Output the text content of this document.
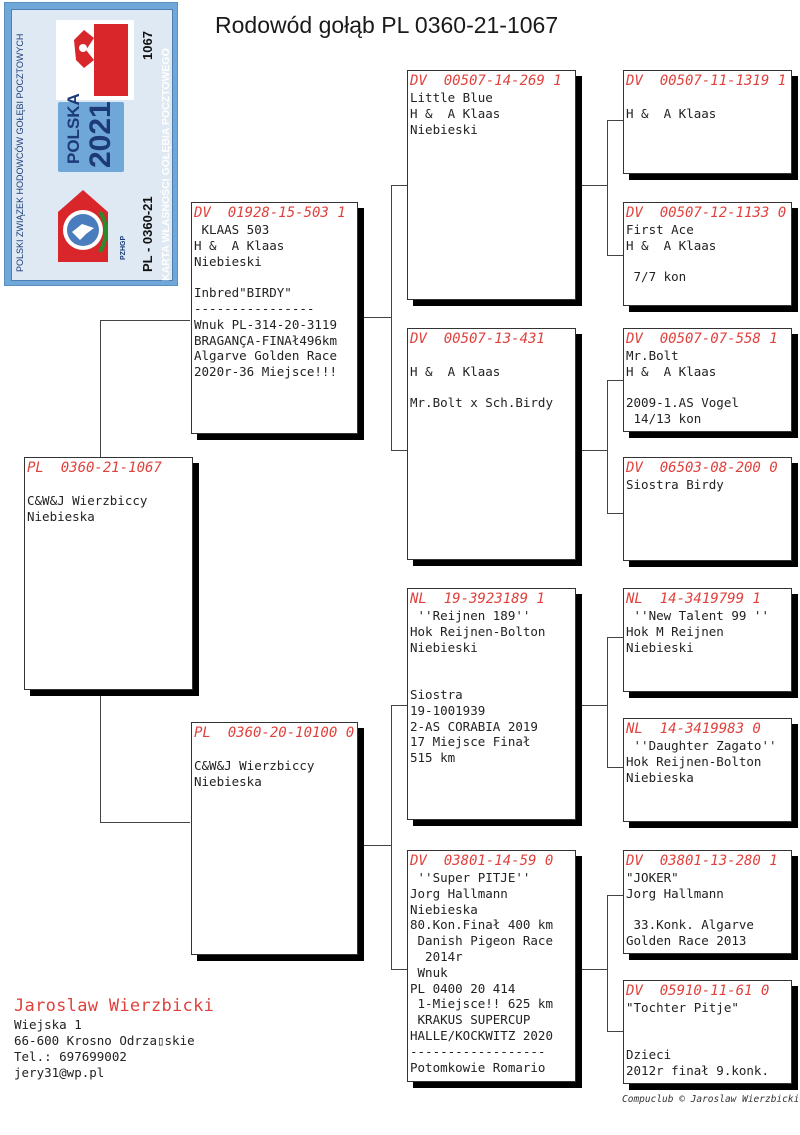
Rodowód gołąb PL 0360-21-1067
POLSKI ZWIĄZEK HODOWCÓW GOŁĘBI POCZTOWYCH POLSKA 2021
1067
PL - 0360-21
PZHGP	KARTA WŁASNOŚCI GOŁĘBIA POCZTOWEGO
PL  0360-21-1067
C&W&J Wierzbiccy
Niebieska
DV  01928-15-503 1
KLAAS 503
H &  A Klaas
Niebieski
Inbred"BIRDY"
----------------
Wnuk PL-314-20-3119
BRAGANÇA-FINAł496km
Algarve Golden Race
2020r-36 Miejsce!!!
PL  0360-20-10100 0
C&W&J Wierzbiccy
Niebieska
DV  00507-14-269 1
Little Blue
H &  A Klaas
Niebieski
DV  00507-13-431
H &  A Klaas
Mr.Bolt x Sch.Birdy
NL  19-3923189 1
''Reijnen 189''
Hok Reijnen-Bolton
Niebieski
Siostra
19-1001939
2-AS CORABIA 2019
17 Miejsce Finał
515 km
DV  03801-14-59 0
''Super PITJE''
Jorg Hallmann
Niebieska
80.Kon.Finał 400 km
Danish Pigeon Race
2014r
Wnuk
PL 0400 20 414
1-Miejsce!! 625 km
KRAKUS SUPERCUP
HALLE/KOCKWITZ 2020
------------------
Potomkowie Romario
DV  00507-11-1319 1
H &  A Klaas
DV  00507-12-1133 0
First Ace
H &  A Klaas
7/7 kon
DV  00507-07-558 1
Mr.Bolt
H &  A Klaas
2009-1.AS Vogel
14/13 kon
DV  06503-08-200 0
Siostra Birdy
NL  14-3419799 1
''New Talent 99 ''
Hok M Reijnen
Niebieski
NL  14-3419983 0
''Daughter Zagato''
Hok Reijnen-Bolton
Niebieska
DV  03801-13-280 1
"JOKER"
Jorg Hallmann
33.Konk. Algarve
Golden Race 2013
DV  05910-11-61 0
"Tochter Pitje"
Dzieci
2012r finał 9.konk.
Jaroslaw Wierzbicki
Wiejska 1
66-600 Krosno Odrza▯skie
Tel.: 697699002
jery31@wp.pl
Compuclub © Jaroslaw Wierzbicki
